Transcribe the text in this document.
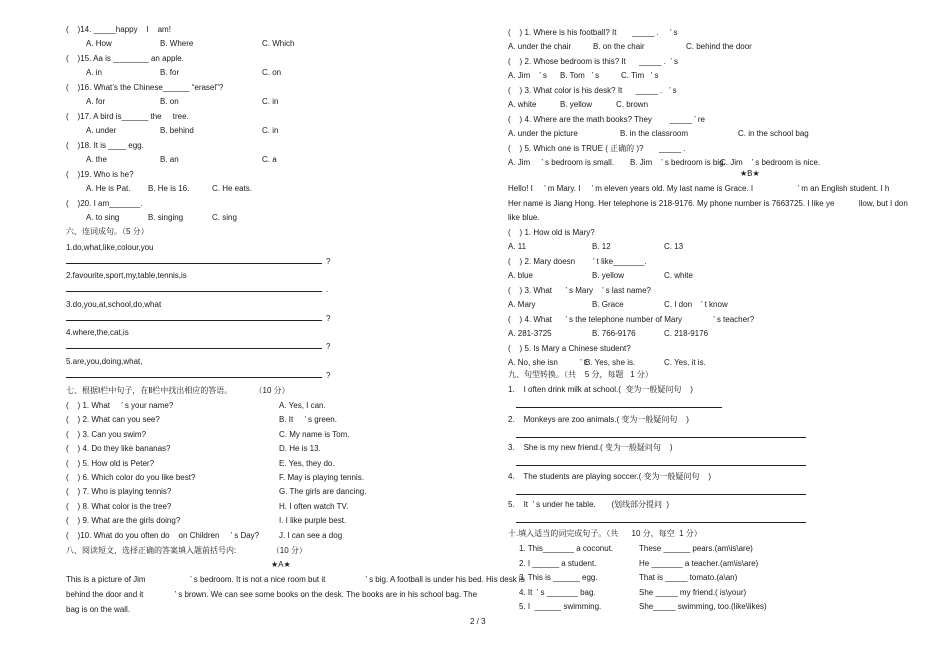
(    )14. _____happy    I    am!
A. How	B. Where	C. Which
(    )15. Aa is ________ an apple.
A. in	B. for	C. on
(    )16. What’s the Chinese______ “erasel”?
A. for	B. on	C. in
(    )17. A bird is______ the     tree.
A. under	B. behind	C. in
(    )18. It is ____ egg.
A. the	B. an	C. a
(    )19. Who is he?
A. He is Pat. B. He is 16.	C. He eats.
(    )20. I am_______.
A. to sing	B. singing	C. sing
六、连词成句。（5 分）
1.do,what,like,colour,you
?
2.favourite,sport,my,table,tennis,is
.
3.do,you,at,school,do,what
?
4.where,the,cat,is
?
5.are,you,doing,what,
?
七、根据Ⅰ栏中句子，在Ⅱ栏中找出相应的答语。          （10 分）
(    ) 1. What     ’ s your name?	A. Yes, I can.
(    ) 2. What can you see?	B. It     ’ s green.
(    ) 3. Can you swim?	C. My name is Tom.
(    ) 4. Do they like bananas?	D. He is 13.
(    ) 5. How old is Peter?	E. Yes, they do.
(    ) 6. Which color do you like best?	F. May is playing tennis.
(    ) 7. Who is playing tennis?	G. The girls are dancing.
(    ) 8. What color is the tree?	H. I often watch TV.
(    ) 9. What are the girls doing?	I. I like purple best.
(    )10. What do you often do    on Children     ’ s Day? J. I can see a dog
八、阅读短文，选择正确的答案填入题前括号内:                （10 分）
★A★
This is a picture of Jim                    ’ s bedroom. It is not a nice room but it                  ’ s big. A football is under his bed. His desk is
behind the door and it              ’ s brown. We can see some books on the desk. The books are in his school bag. The
bag is on the wall.
(    ) 1. Where is his football? It       _____ .     ’ s
A. under the chair	B. on the chair	C. behind the door
(    ) 2. Whose bedroom is this? It      _____ .  ’ s
A. Jim    ’ s B. Tom   ’ s	C. Tim   ’ s
(    ) 3. What color is his desk? It      _____ .   ’ s
A. white	B. yellow	C. brown
(    ) 4. Where are the math books? They        _____ ’ re
A. under the picture	B. in the classroom	C. in the school bag
(    ) 5. Which one is TRUE ( 正确的 )?       _____ .
A. Jim     ’ s bedroom is small. B. Jim    ’ s bedroom is big.
C. Jim    ’ s bedroom is nice.
★B★
Hello! I     ’ m Mary. I     ’ m eleven years old. My last name is Grace. I                    ’ m an English student. I h
Her name is Jiang Hong. Her telephone is 218-9176. My phone number is 7663725. I like ye           llow, but I don
like blue.
(    ) 1. How old is Mary?
A. 11	B. 12	C. 13
(    ) 2. Mary doesn        ’ t like_______.
A. blue	B. yellow	C. white
(    ) 3. What      ’ s Mary    ’ s last name?
A. Mary	B. Grace	C. I don    ’ t know
(    ) 4. What      ’ s the telephone number of Mary              ’ s teacher?
A. 281-3725	B. 766-9176	C. 218-9176
(    ) 5. Is Mary a Chinese student?
A. No, she isn          ’ t.
B. Yes, she is.	C. Yes, it is.
九、句型转换。（共    5 分，每题   1 分）
1.    I often drink milk at school.(  变为一般疑问句    )
2.    Monkeys are zoo animals.( 变为一般疑问句    )
3.    She is my new friend.( 变为一般疑问句    )
4.    The students are playing soccer.( 变为一般疑问句    )
5.    It  ’ s under he table.       (划线部分提问  )
十.填入适当的词完成句子。（共      10 分，每空  1 分）
1. This_______ a coconut.	These ______ pears.(am\is\are)
2. I ______ a student.	He _______ a teacher.(am\is\are)
3. This is ______ egg.	That is _____ tomato.(a\an)
4. It  ’ s _______ bag.	She _____ my friend.( is\your)
5. I  ______ swimming.	She_____ swimming, too.(like\likes)
2 / 3
